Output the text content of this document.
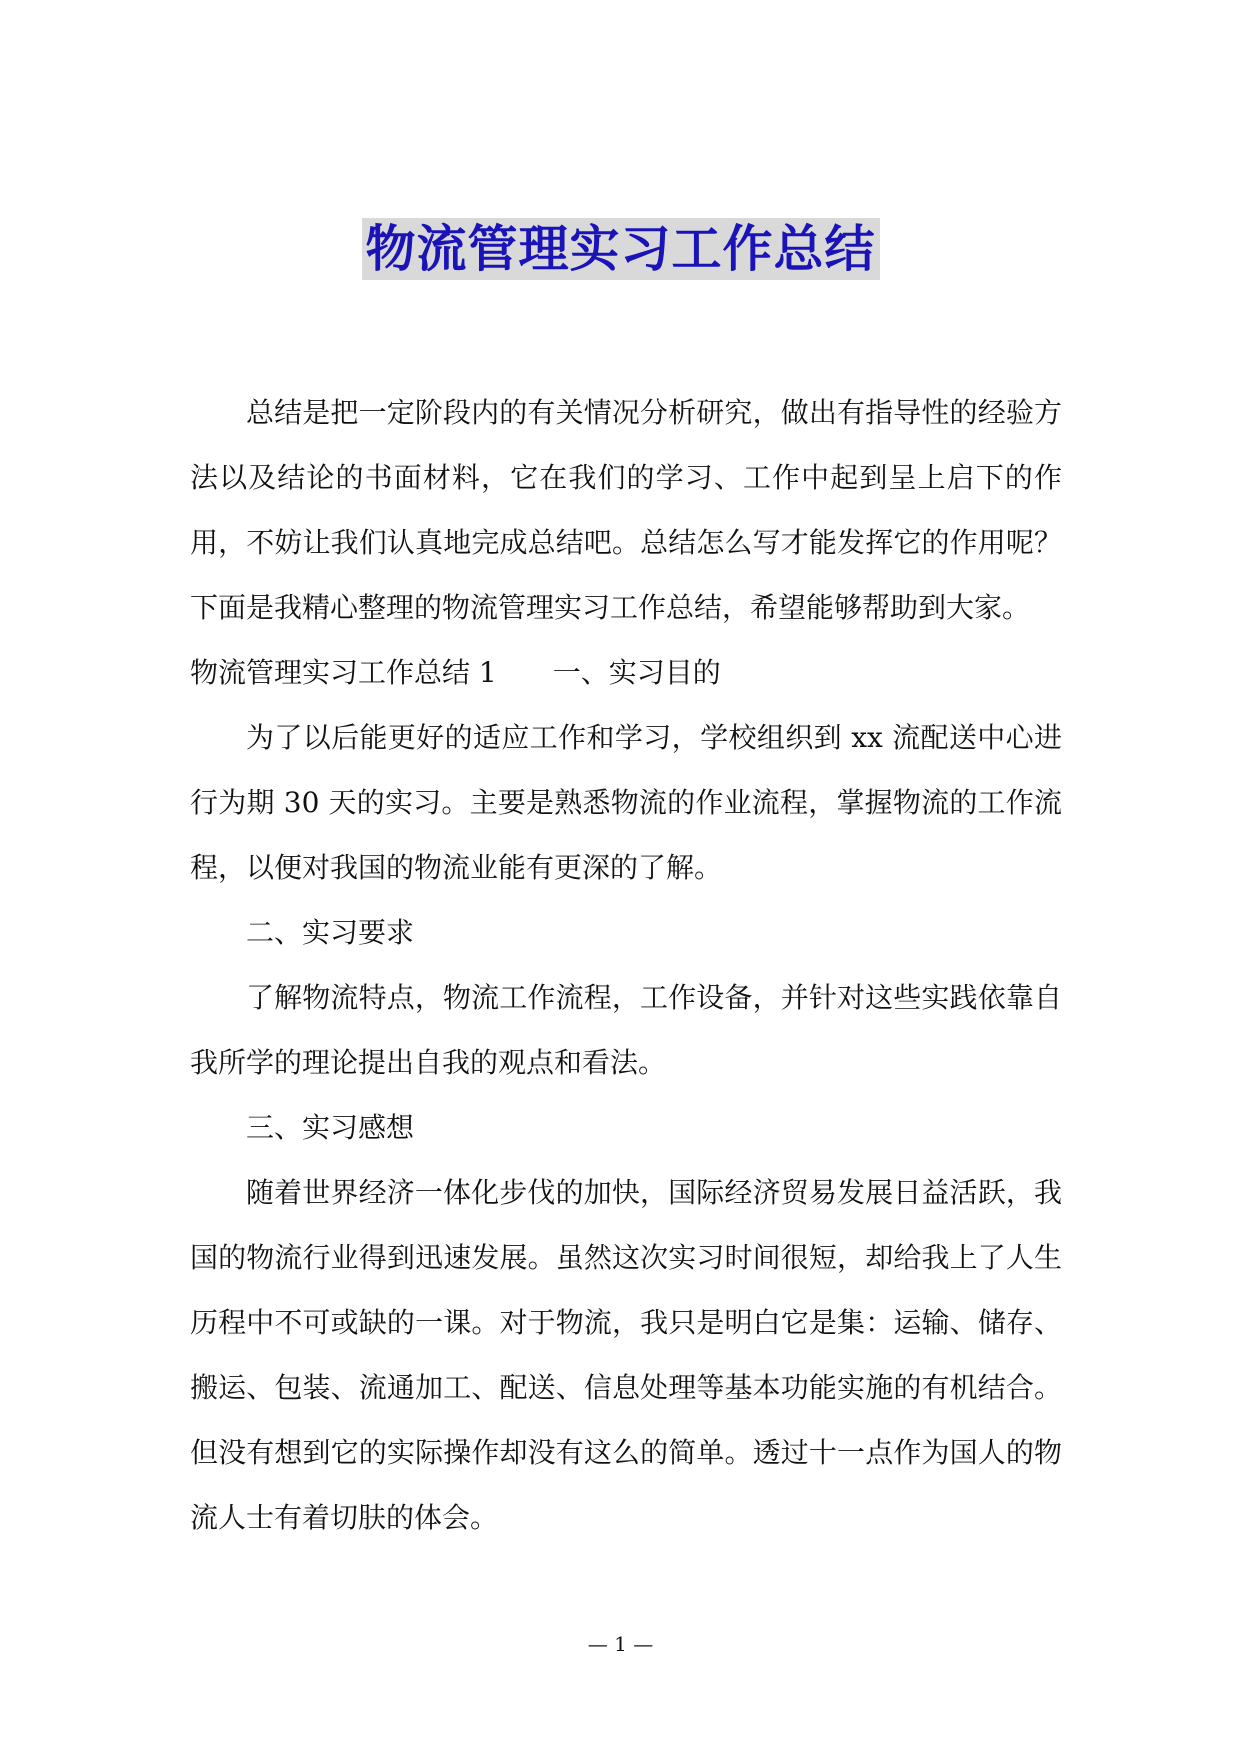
物流管理实习工作总结

总结是把一定阶段内的有关情况分析研究，做出有指导性的经验方法以及结论的书面材料，它在我们的学习、工作中起到呈上启下的作用，不妨让我们认真地完成总结吧。总结怎么写才能发挥它的作用呢？下面是我精心整理的物流管理实习工作总结，希望能够帮助到大家。

物流管理实习工作总结 1　　一、实习目的

为了以后能更好的适应工作和学习，学校组织到 xx 流配送中心进行为期 30 天的实习。主要是熟悉物流的作业流程，掌握物流的工作流程，以便对我国的物流业能有更深的了解。

二、实习要求

了解物流特点，物流工作流程，工作设备，并针对这些实践依靠自我所学的理论提出自我的观点和看法。

三、实习感想

随着世界经济一体化步伐的加快，国际经济贸易发展日益活跃，我国的物流行业得到迅速发展。虽然这次实习时间很短，却给我上了人生历程中不可或缺的一课。对于物流，我只是明白它是集：运输、储存、搬运、包装、流通加工、配送、信息处理等基本功能实施的有机结合。但没有想到它的实际操作却没有这么的简单。透过十一点作为国人的物流人士有着切肤的体会。

— 1 —
